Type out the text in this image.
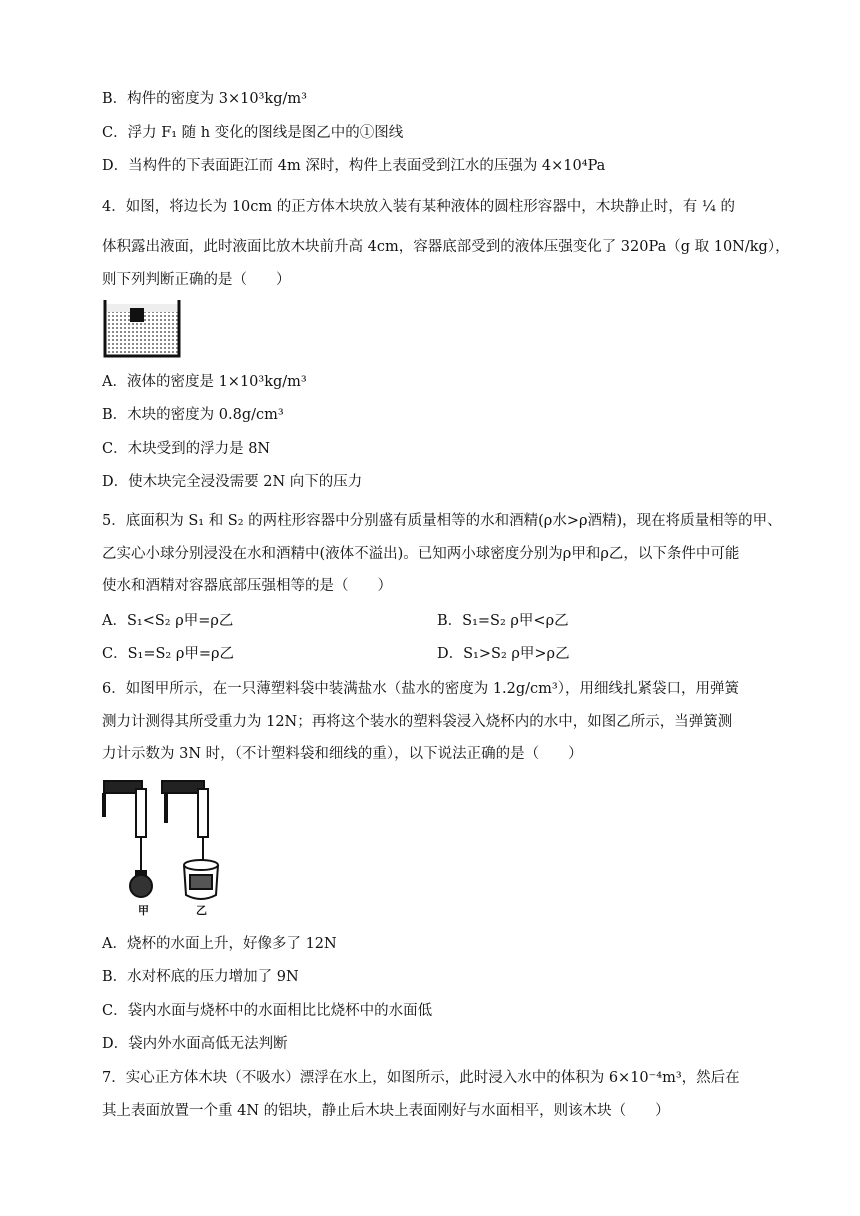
B．构件的密度为 3×10³kg/m³
C．浮力 F₁ 随 h 变化的图线是图乙中的①图线
D．当构件的下表面距江而 4m 深时，构件上表面受到江水的压强为 4×10⁴Pa
4．如图，将边长为 10cm 的正方体木块放入装有某种液体的圆柱形容器中，木块静止时，有 ¼ 的
体积露出液面，此时液面比放木块前升高 4cm，容器底部受到的液体压强变化了 320Pa（g 取 10N/kg），
则下列判断正确的是（　　）
A．液体的密度是 1×10³kg/m³
B．木块的密度为 0.8g/cm³
C．木块受到的浮力是 8N
D．使木块完全浸没需要 2N 向下的压力
5．底面积为 S₁ 和 S₂ 的两柱形容器中分别盛有质量相等的水和酒精(ρ水>ρ酒精)，现在将质量相等的甲、
乙实心小球分别浸没在水和酒精中(液体不溢出)。已知两小球密度分别为ρ甲和ρ乙，以下条件中可能
使水和酒精对容器底部压强相等的是（　　）
A．S₁<S₂ ρ甲=ρ乙	B．S₁=S₂ ρ甲<ρ乙
C．S₁=S₂ ρ甲=ρ乙	D．S₁>S₂ ρ甲>ρ乙
6．如图甲所示，在一只薄塑料袋中装满盐水（盐水的密度为 1.2g/cm³），用细线扎紧袋口，用弹簧
测力计测得其所受重力为 12N；再将这个装水的塑料袋浸入烧杯内的水中，如图乙所示，当弹簧测
力计示数为 3N 时，（不计塑料袋和细线的重），以下说法正确的是（　　）
甲	乙
A．烧杯的水面上升，好像多了 12N
B．水对杯底的压力增加了 9N
C．袋内水面与烧杯中的水面相比比烧杯中的水面低
D．袋内外水面高低无法判断
7．实心正方体木块（不吸水）漂浮在水上，如图所示，此时浸入水中的体积为 6×10⁻⁴m³，然后在
其上表面放置一个重 4N 的铝块，静止后木块上表面刚好与水面相平，则该木块（　　）
